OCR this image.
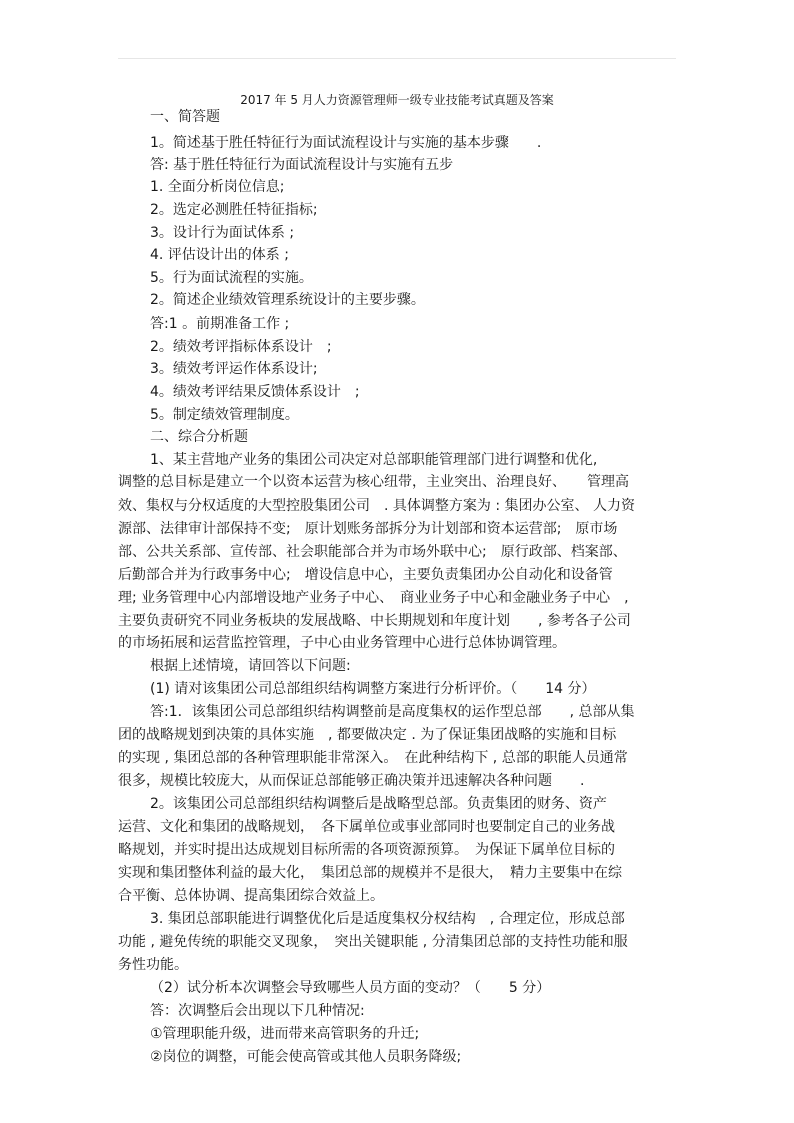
2017 年 5 月人力资源管理师一级专业技能考试真题及答案
一、简答题
1。简述基于胜任特征行为面试流程设计与实施的基本步骤　　.
答: 基于胜任特征行为面试流程设计与实施有五步
1. 全面分析岗位信息;
2。选定必测胜任特征指标;
3。设计行为面试体系 ;
4. 评估设计出的体系 ;
5。行为面试流程的实施。
2。简述企业绩效管理系统设计的主要步骤。
答:1 。前期准备工作 ;
2。绩效考评指标体系设计　;
3。绩效考评运作体系设计;
4。绩效考评结果反馈体系设计　;
5。制定绩效管理制度。
二、综合分析题
1、某主营地产业务的集团公司决定对总部职能管理部门进行调整和优化,
调整的总目标是建立一个以资本运营为核心纽带，主业突出、治理良好、　　管理高
效、集权与分权适度的大型控股集团公司　. 具体调整方案为 : 集团办公室、 人力资
源部、法律审计部保持不变;　原计划账务部拆分为计划部和资本运营部;　原市场
部、公共关系部、宣传部、社会职能部合并为市场外联中心;　原行政部、档案部、
后勤部合并为行政事务中心;　增设信息中心，主要负责集团办公自动化和设备管
理; 业务管理中心内部增设地产业务子中心、　商业业务子中心和金融业务子中心　,
主要负责研究不同业务板块的发展战略、中长期规划和年度计划　　, 参考各子公司
的市场拓展和运营监控管理，子中心由业务管理中心进行总体协调管理。
根据上述情境，请回答以下问题:
(1) 请对该集团公司总部组织结构调整方案进行分析评价。（　　14 分）
答:1．该集团公司总部组织结构调整前是高度集权的运作型总部　　, 总部从集
团的战略规划到决策的具体实施　, 都要做决定 . 为了保证集团战略的实施和目标
的实现 , 集团总部的各种管理职能非常深入。　在此种结构下 , 总部的职能人员通常
很多，规模比较庞大，从而保证总部能够正确决策并迅速解决各种问题　　.
2。该集团公司总部组织结构调整后是战略型总部。负责集团的财务、资产
运营、文化和集团的战略规划，　各下属单位或事业部同时也要制定自己的业务战
略规划，并实时提出达成规划目标所需的各项资源预算。　为保证下属单位目标的
实现和集团整体利益的最大化，　集团总部的规模并不是很大，　精力主要集中在综
合平衡、总体协调、提高集团综合效益上。
3. 集团总部职能进行调整优化后是适度集权分权结构　, 合理定位，形成总部
功能 , 避免传统的职能交叉现象，　突出关键职能 , 分清集团总部的支持性功能和服
务性功能。
（2）试分析本次调整会导致哪些人员方面的变动？（　　5 分）
答：次调整后会出现以下几种情况:
①管理职能升级，进而带来高管职务的升迁;
②岗位的调整，可能会使高管或其他人员职务降级;
